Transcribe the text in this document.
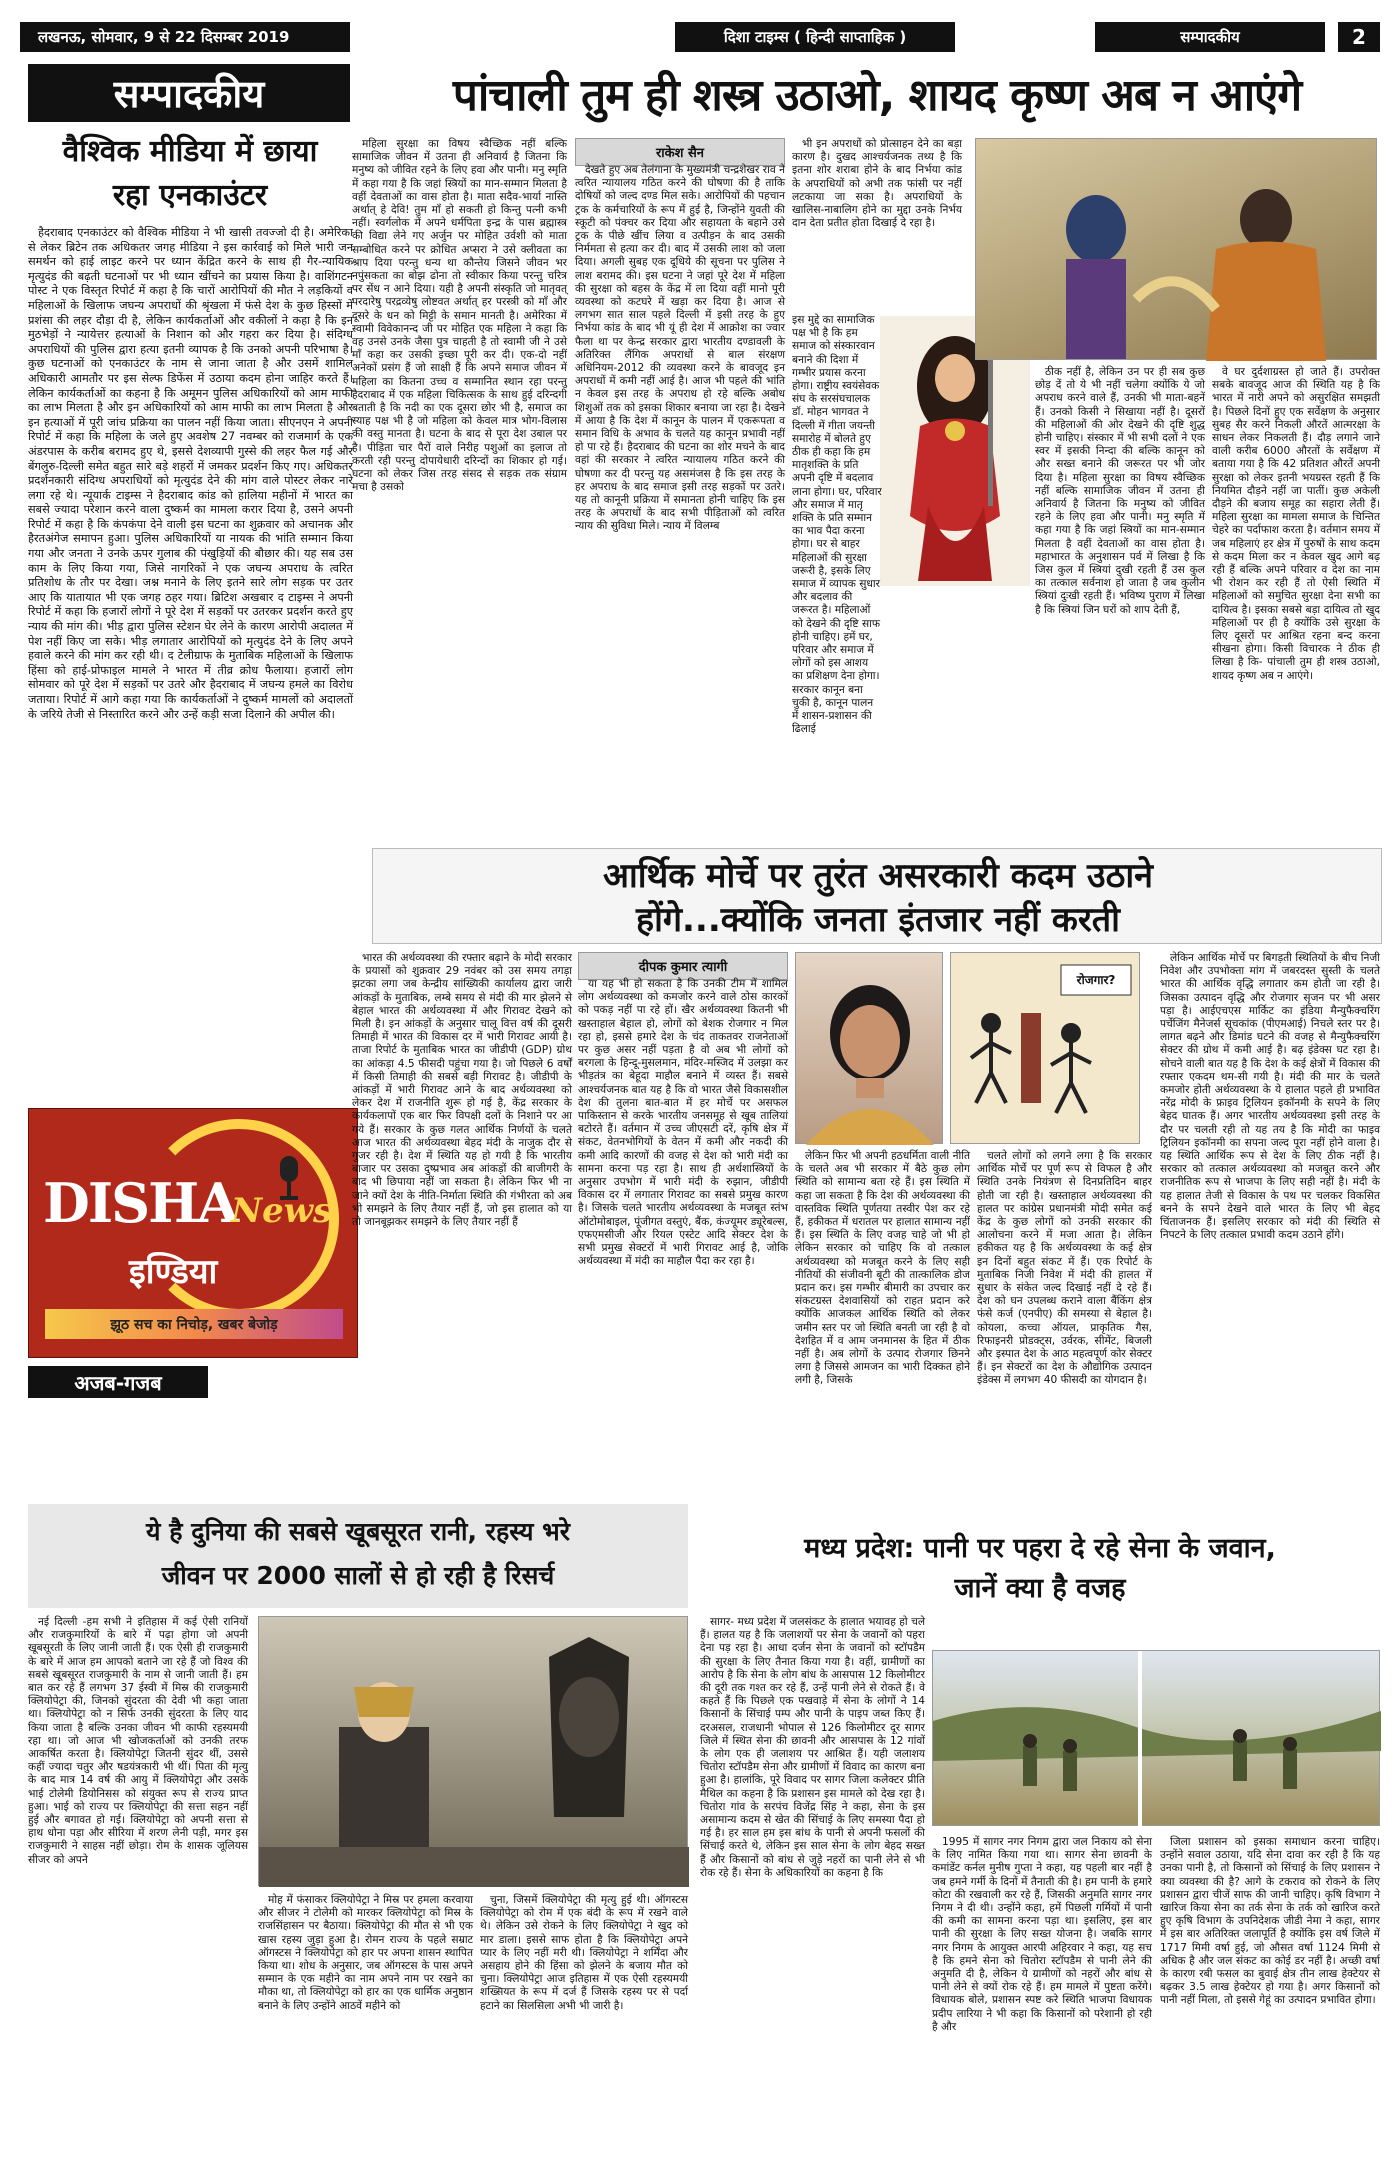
लखनऊ, सोमवार, 9 से 22 दिसम्बर 2019	दिशा टाइम्स ( हिन्दी साप्ताहिक )	सम्पादकीय	2
सम्पादकीय
वैश्विक मीडिया में छाया रहा एनकाउंटर

हैदराबाद एनकाउंटर को वैश्विक मीडिया ने भी खासी तवज्जो दी है। अमेरिका से लेकर ब्रिटेन तक अधिकतर जगह मीडिया ने इस कार्रवाई को मिले भारी जन समर्थन को हाई लाइट करने पर ध्यान केंद्रित करने के साथ ही गैर-न्यायिक मृत्युदंड की बढ़ती घटनाओं पर भी ध्यान खींचने का प्रयास किया है। वाशिंगटन पोस्ट ने एक विस्तृत रिपोर्ट में कहा है कि चारों आरोपियों की मौत ने लड़कियों व महिलाओं के खिलाफ जघन्य अपराधों की श्रृंखला में फंसे देश के कुछ हिस्सों में प्रशंसा की लहर दौड़ा दी है, लेकिन कार्यकर्ताओं और वकीलों ने कहा है कि इन मुठभेड़ों ने न्यायेत्तर हत्याओं के निशान को और गहरा कर दिया है। संदिग्ध अपराधियों की पुलिस द्वारा हत्या इतनी व्यापक है कि उनको अपनी परिभाषा है। कुछ घटनाओं को एनकाउंटर के नाम से जाना जाता है और उसमें शामिल अधिकारी आमतौर पर इस सेल्फ डिफेंस में उठाया कदम होना जाहिर करते हैं। लेकिन कार्यकर्ताओं का कहना है कि अमूमन पुलिस अधिकारियों को आम माफी का लाभ मिलता है और इन अधिकारियों को आम माफी का लाभ मिलता है और इन हत्याओं में पूरी जांच प्रक्रिया का पालन नहीं किया जाता। सीएनएन ने अपनी रिपोर्ट में कहा कि महिला के जले हुए अवशेष 27 नवम्बर को राजमार्ग के एक अंडरपास के करीब बरामद हुए थे, इससे देशव्यापी गुस्से की लहर फैल गई और बेंगलुरु-दिल्ली समेत बहुत सारे बड़े शहरों में जमकर प्रदर्शन किए गए। अधिकतर प्रदर्शनकारी संदिग्ध अपराधियों को मृत्युदंड देने की मांग वाले पोस्टर लेकर नारे लगा रहे थे। न्यूयार्क टाइम्स ने हैदराबाद कांड को हालिया महीनों में भारत का सबसे ज्यादा परेशान करने वाला दुष्कर्म का मामला करार दिया है, उसने अपनी रिपोर्ट में कहा है कि कंपकंपा देने वाली इस घटना का शुक्रवार को अचानक और हैरतअंगेज समापन हुआ। पुलिस अधिकारियों या नायक की भांति सम्मान किया गया और जनता ने उनके ऊपर गुलाब की पंखुड़ियों की बौछार की। यह सब उस काम के लिए किया गया, जिसे नागरिकों ने एक जघन्य अपराध के त्वरित प्रतिशोध के तौर पर देखा। जश्न मनाने के लिए इतने सारे लोग सड़क पर उतर आए कि यातायात भी एक जगह ठहर गया। ब्रिटिश अखबार द टाइम्स ने अपनी रिपोर्ट में कहा कि हजारों लोगों ने पूरे देश में सड़कों पर उतरकर प्रदर्शन करते हुए न्याय की मांग की। भीड़ द्वारा पुलिस स्टेशन घेर लेने के कारण आरोपी अदालत में पेश नहीं किए जा सके। भीड़ लगातार आरोपियों को मृत्युदंड देने के लिए अपने हवाले करने की मांग कर रही थी। द टेलीग्राफ के मुताबिक महिलाओं के खिलाफ हिंसा को हाई-प्रोफाइल मामले ने भारत में तीव्र क्रोध फैलाया। हजारों लोग सोमवार को पूरे देश में सड़कों पर उतरे और हैदराबाद में जघन्य हमले का विरोध जताया। रिपोर्ट में आगे कहा गया कि कार्यकर्ताओं ने दुष्कर्म मामलों को अदालतों के जरिये तेजी से निस्तारित करने और उन्हें कड़ी सजा दिलाने की अपील की।

DISHA
News
इण्डिया
झूठ सच का निचोड़, खबर बेजोड़
अजब-गजब
पांचाली तुम ही शस्त्र उठाओ, शायद कृष्ण अब न आएंगे

महिला सुरक्षा का विषय स्वैच्छिक नहीं बल्कि सामाजिक जीवन में उतना ही अनिवार्य है जितना कि मनुष्य को जीवित रहने के लिए हवा और पानी। मनु स्मृति में कहा गया है कि जहां स्त्रियों का मान-सम्मान मिलता है वहीं देवताओं का वास होता है। माता सदैव-भार्या नास्ति अर्थात् हे देवि! तुम माँ हो सकती हो किन्तु पत्नी कभी नहीं। स्वर्गलोक में अपने धर्मपिता इन्द्र के पास ब्रह्मास्त्र की विद्या लेने गए अर्जुन पर मोहित उर्वशी को माता सम्बोधित करने पर क्रोधित अप्सरा ने उसे क्लीवता का श्राप दिया परन्तु धन्य था कौन्तेय जिसने जीवन भर नपुंसकता का बोझ ढोना तो स्वीकार किया परन्तु चरित्र पर सेंध न आने दिया। यही है अपनी संस्कृति जो मातृवत् परदारेषु परद्रव्येषु लोष्टवत अर्थात् हर परस्त्री को माँ और दूसरे के धन को मिट्टी के समान मानती है। अमेरिका में स्वामी विवेकानन्द जी पर मोहित एक महिला ने कहा कि वह उनसे उनके जैसा पुत्र चाहती है तो स्वामी जी ने उसे माँ कहा कर उसकी इच्छा पूरी कर दी। एक-दो नहीं अनेकों प्रसंग हैं जो साक्षी हैं कि अपने समाज जीवन में महिला का कितना उच्च व सम्मानित स्थान रहा परन्तु हैदराबाद में एक महिला चिकित्सक के साथ हुई दरिन्दगी बताती है कि नदी का एक दूसरा छोर भी है, समाज का स्याह पक्ष भी है जो महिला को केवल मात्र भोग-विलास की वस्तु मानता है। घटना के बाद से पूरा देश उबाल पर है। पीड़िता चार पैरों वाले निरीह पशुओं का इलाज तो करती रही परन्तु दोपायेधारी दरिन्दों का शिकार हो गई। घटना को लेकर जिस तरह संसद से सड़क तक संग्राम मचा है उसको

राकेश सैन

देखते हुए अब तेलंगाना के मुख्यमंत्री चन्द्रशेखर राव ने त्वरित न्यायालय गठित करने की घोषणा की है ताकि दोषियों को जल्द दण्ड मिल सके। आरोपियों की पहचान ट्रक के कर्मचारियों के रूप में हुई है, जिन्होंने युवती की स्कूटी को पंक्चर कर दिया और सहायता के बहाने उसे ट्रक के पीछे खींच लिया व उत्पीड़न के बाद उसकी निर्ममता से हत्या कर दी। बाद में उसकी लाश को जला दिया। अगली सुबह एक दूधिये की सूचना पर पुलिस ने लाश बरामद की। इस घटना ने जहां पूरे देश में महिला की सुरक्षा को बहस के केंद्र में ला दिया वहीं मानो पूरी व्यवस्था को कटघरे में खड़ा कर दिया है। आज से लगभग सात साल पहले दिल्ली में इसी तरह के हुए निर्भया कांड के बाद भी यूं ही देश में आक्रोश का ज्वार फैला था पर केन्द्र सरकार द्वारा भारतीय दण्डावली के अतिरिक्त लैंगिक अपराधों से बाल संरक्षण अधिनियम-2012 की व्यवस्था करने के बावजूद इन अपराधों में कमी नहीं आई है। आज भी पहले की भांति न केवल इस तरह के अपराध हो रहे बल्कि अबोध शिशुओं तक को इसका शिकार बनाया जा रहा है। देखने में आया है कि देश में कानून के पालन में एकरूपता व समान विधि के अभाव के चलते यह कानून प्रभावी नहीं हो पा रहे हैं। हैदराबाद की घटना का शोर मचने के बाद वहां की सरकार ने त्वरित न्यायालय गठित करने की घोषणा कर दी परन्तु यह असमंजस है कि इस तरह के हर अपराध के बाद समाज इसी तरह सड़कों पर उतरे। यह तो कानूनी प्रक्रिया में समानता होनी चाहिए कि इस तरह के अपराधों के बाद सभी पीड़िताओं को त्वरित न्याय की सुविधा मिले। न्याय में विलम्ब

भी इन अपराधों को प्रोत्साहन देने का बड़ा कारण है। दुखद आश्चर्यजनक तथ्य है कि इतना शोर शराबा होने के बाद निर्भया कांड के अपराधियों को अभी तक फांसी पर नहीं लटकाया जा सका है। अपराधियों के खालिस-नाबालिग होने का मुद्दा उनके निर्भय दान देता प्रतीत होता दिखाई दे रहा है।

इस मुद्दे का सामाजिक पक्ष भी है कि हम समाज को संस्कारवान बनाने की दिशा में गम्भीर प्रयास करना होगा। राष्ट्रीय स्वयंसेवक संघ के सरसंघचालक डॉ. मोहन भागवत ने दिल्ली में गीता जयन्ती समारोह में बोलते हुए ठीक ही कहा कि हम मातृशक्ति के प्रति अपनी दृष्टि में बदलाव लाना होगा। घर, परिवार और समाज में मातृ शक्ति के प्रति सम्मान का भाव पैदा करना होगा। घर से बाहर महिलाओं की सुरक्षा जरूरी है, इसके लिए समाज में व्यापक सुधार और बदलाव की जरूरत है। महिलाओं को देखने की दृष्टि साफ होनी चाहिए। हमें घर, परिवार और समाज में लोगों को इस आशय का प्रशिक्षण देना होगा। सरकार कानून बना चुकी है, कानून पालन में शासन-प्रशासन की ढिलाई

ठीक नहीं है, लेकिन उन पर ही सब कुछ छोड़ दें तो ये भी नहीं चलेगा क्योंकि ये जो अपराध करने वाले हैं, उनकी भी माता-बहनें हैं। उनको किसी ने सिखाया नहीं है। दूसरों की महिलाओं की ओर देखने की दृष्टि शुद्ध होनी चाहिए। संस्कार में भी सभी दलों ने एक स्वर में इसकी निन्दा की बल्कि कानून को और सख्त बनाने की जरूरत पर भी जोर दिया है। महिला सुरक्षा का विषय स्वैच्छिक नहीं बल्कि सामाजिक जीवन में उतना ही अनिवार्य है जितना कि मनुष्य को जीवित रहने के लिए हवा और पानी। मनु स्मृति में कहा गया है कि जहां स्त्रियों का मान-सम्मान मिलता है वहीं देवताओं का वास होता है। महाभारत के अनुशासन पर्व में लिखा है कि जिस कुल में स्त्रियां दुखी रहती हैं उस कुल का तत्काल सर्वनाश हो जाता है जब कुलीन स्त्रियां दुःखी रहती हैं। भविष्य पुराण में लिखा है कि स्त्रियां जिन घरों को शाप देती हैं,

वे घर दुर्दशाग्रस्त हो जाते हैं। उपरोक्त सबके बावजूद आज की स्थिति यह है कि भारत में नारी अपने को असुरक्षित समझती है। पिछले दिनों हुए एक सर्वेक्षण के अनुसार सुबह सैर करने निकली औरतें आत्मरक्षा के साधन लेकर निकलती हैं। दौड़ लगाने जाने वाली करीब 6000 औरतों के सर्वेक्षण में बताया गया है कि 42 प्रतिशत औरतें अपनी सुरक्षा को लेकर इतनी भयग्रस्त रहती हैं कि नियमित दौड़ने नहीं जा पातीं। कुछ अकेली दौड़ने की बजाय समूह का सहारा लेती हैं। महिला सुरक्षा का मामला समाज के चिन्तित चेहरे का पर्दाफाश करता है। वर्तमान समय में जब महिलाएं हर क्षेत्र में पुरुषों के साथ कदम से कदम मिला कर न केवल खुद आगे बढ़ रही हैं बल्कि अपने परिवार व देश का नाम भी रोशन कर रही हैं तो ऐसी स्थिति में महिलाओं को समुचित सुरक्षा देना सभी का दायित्व है। इसका सबसे बड़ा दायित्व तो खुद महिलाओं पर ही है क्योंकि उसे सुरक्षा के लिए दूसरों पर आश्रित रहना बन्द करना सीखना होगा। किसी विचारक ने ठीक ही लिखा है कि- पांचाली तुम ही शस्त्र उठाओ, शायद कृष्ण अब न आएंगे।

आर्थिक मोर्चे पर तुरंत असरकारी कदम उठाने
होंगे...क्योंकि जनता इंतजार नहीं करती

भारत की अर्थव्यवस्था की रफ्तार बढ़ाने के मोदी सरकार के प्रयासों को शुक्रवार 29 नवंबर को उस समय तगड़ा झटका लगा जब केन्द्रीय सांख्यिकी कार्यालय द्वारा जारी आंकड़ों के मुताबिक, लम्बे समय से मंदी की मार झेलने से बेहाल भारत की अर्थव्यवस्था में और गिरावट देखने को मिली है। इन आंकड़ों के अनुसार चालू वित्त वर्ष की दूसरी तिमाही में भारत की विकास दर में भारी गिरावट आयी है। ताजा रिपोर्ट के मुताबिक भारत का जीडीपी (GDP) ग्रोथ का आंकड़ा 4.5 फीसदी पहुंचा गया है। जो पिछले 6 वर्षों में किसी तिमाही की सबसे बड़ी गिरावट है। जीडीपी के आंकड़ों में भारी गिरावट आने के बाद अर्थव्यवस्था को लेकर देश में राजनीति शुरू हो गई है, केंद्र सरकार के कार्यकलापों एक बार फिर विपक्षी दलों के निशाने पर आ गये हैं। सरकार के कुछ गलत आर्थिक निर्णयों के चलते आज भारत की अर्थव्यवस्था बेहद मंदी के नाजुक दौर से गुजर रही है। देश में स्थिति यह हो गयी है कि भारतीय बाजार पर उसका दुष्प्रभाव अब आंकड़ों की बाजीगरी के बाद भी छिपाया नहीं जा सकता है। लेकिन फिर भी ना जाने क्यों देश के नीति-निर्माता स्थिति की गंभीरता को अब भी समझने के लिए तैयार नहीं हैं, जो इस हालात को या तो जानबूझकर समझने के लिए तैयार नहीं हैं

दीपक कुमार त्यागी

या यह भी हो सकता है कि उनकी टीम में शामिल लोग अर्थव्यवस्था को कमजोर करने वाले ठोस कारकों को पकड़ नहीं पा रहे हों। खैर अर्थव्यवस्था कितनी भी खस्ताहाल बेहाल हो, लोगों को बेशक रोजगार न मिल रहा हो, इससे हमारे देश के चंद ताकतवर राजनेताओं पर कुछ असर नहीं पड़ता है वो अब भी लोगों को बरगला के हिन्दू-मुसलमान, मंदिर-मस्जिद में उलझा कर भीड़तंत्र का बेहूदा माहौल बनाने में व्यस्त हैं। सबसे आश्चर्यजनक बात यह है कि वो भारत जैसे विकासशील देश की तुलना बात-बात में हर मोर्चे पर असफल पाकिस्तान से करके भारतीय जनसमूह से खूब तालियां बटोरते हैं। वर्तमान में उच्च जीएसटी दरें, कृषि क्षेत्र में संकट, वेतनभोगियों के वेतन में कमी और नकदी की कमी आदि कारणों की वजह से देश को भारी मंदी का सामना करना पड़ रहा है। साथ ही अर्थशास्त्रियों के अनुसार उपभोग में भारी मंदी के रुझान, जीडीपी विकास दर में लगातार गिरावट का सबसे प्रमुख कारण है। जिसके चलते भारतीय अर्थव्यवस्था के मजबूत स्तंभ ऑटोमोबाइल, पूंजीगत वस्तुएं, बैंक, कंज्यूमर ड्यूरेबल्स, एफएमसीजी और रियल एस्टेट आदि सेक्टर देश के सभी प्रमुख सेक्टरों में भारी गिरावट आई है, जोकि अर्थव्यवस्था में मंदी का माहौल पैदा कर रहा है।

रोजगार?

लेकिन फिर भी अपनी हठधर्मिता वाली नीति के चलते अब भी सरकार में बैठे कुछ लोग स्थिति को सामान्य बता रहे हैं। इस स्थिति में कहा जा सकता है कि देश की अर्थव्यवस्था की वास्तविक स्थिति पूर्णतया तस्वीर पेश कर रहे हैं, हकीकत में धरातल पर हालात सामान्य नहीं हैं। इस स्थिति के लिए वजह चाहे जो भी हो लेकिन सरकार को चाहिए कि वो तत्काल अर्थव्यवस्था को मजबूत करने के लिए सही नीतियों की संजीवनी बूटी की तात्कालिक डोज प्रदान कर। इस गम्भीर बीमारी का उपचार कर संकटग्रस्त देशवासियों को राहत प्रदान करे क्योंकि आजकल आर्थिक स्थिति को लेकर जमीन स्तर पर जो स्थिति बनती जा रही है वो देशहित में व आम जनमानस के हित में ठीक नहीं है। अब लोगों के उत्पाद रोजगार छिनने लगा है जिससे आमजन का भारी दिक्कत होने लगी है, जिसके

चलते लोगों को लगने लगा है कि सरकार आर्थिक मोर्चे पर पूर्ण रूप से विफल है और स्थिति उनके नियंत्रण से दिनप्रतिदिन बाहर होती जा रही है। खस्ताहाल अर्थव्यवस्था की हालत पर कांग्रेस प्रधानमंत्री मोदी समेत कई केंद्र के कुछ लोगों को उनकी सरकार की आलोचना करने में मजा आता है। लेकिन हकीकत यह है कि अर्थव्यवस्था के कई क्षेत्र इन दिनों बहुत संकट में हैं। एक रिपोर्ट के मुताबिक निजी निवेश में मंदी की हालत में सुधार के संकेत जल्द दिखाई नहीं दे रहे हैं। देश को घन उपलब्ध कराने वाला बैंकिंग क्षेत्र फंसे कर्ज (एनपीए) की समस्या से बेहाल है। कोयला, कच्चा ऑयल, प्राकृतिक गैस, रिफाइनरी प्रोडक्ट्स, उर्वरक, सीमेंट, बिजली और इस्पात देश के आठ महत्वपूर्ण कोर सेक्टर हैं। इन सेक्टरों का देश के औद्योगिक उत्पादन इंडेक्स में लगभग 40 फीसदी का योगदान है।

लेकिन आर्थिक मोर्चे पर बिगड़ती स्थितियों के बीच निजी निवेश और उपभोक्ता मांग में जबरदस्त सुस्ती के चलते भारत की आर्थिक वृद्धि लगातार कम होती जा रही है। जिसका उत्पादन वृद्धि और रोजगार सृजन पर भी असर पड़ा है। आईएचएस मार्किट का इंडिया मैन्युफैक्चरिंग पर्चेजिंग मैनेजर्स सूचकांक (पीएमआई) निचले स्तर पर है। लागत बढ़ने और डिमांड घटने की वजह से मैन्युफैक्चरिंग सेक्टर की ग्रोथ में कमी आई है। बढ़ इंडेक्स घट रहा है। सोचने वाली बात यह है कि देश के कई क्षेत्रों में विकास की रफ्तार एकदम थम-सी गयी है। मंदी की मार के चलते कमजोर होती अर्थव्यवस्था के ये हालात पहले ही प्रभावित नरेंद्र मोदी के फ्राइव ट्रिलियन इकॉनमी के सपने के लिए बेहद घातक हैं। अगर भारतीय अर्थव्यवस्था इसी तरह के दौर पर चलती रही तो यह तय है कि मोदी का फाइव ट्रिलियन इकॉनमी का सपना जल्द पूरा नहीं होने वाला है। यह स्थिति आर्थिक रूप से देश के लिए ठीक नहीं है। सरकार को तत्काल अर्थव्यवस्था को मजबूत करने और राजनीतिक रूप से भाजपा के लिए सही नहीं है। मंदी के यह हालात तेजी से विकास के पथ पर चलकर विकसित बनने के सपने देखने वाले भारत के लिए भी बेहद चिंताजनक हैं। इसलिए सरकार को मंदी की स्थिति से निपटने के लिए तत्काल प्रभावी कदम उठाने होंगे।

ये है दुनिया की सबसे खूबसूरत रानी, रहस्य भरे
जीवन पर 2000 सालों से हो रही है रिसर्च

नई दिल्ली -हम सभी ने इतिहास में कई ऐसी रानियों और राजकुमारियों के बारे में पढ़ा होगा जो अपनी खूबसूरती के लिए जानी जाती हैं। एक ऐसी ही राजकुमारी के बारे में आज हम आपको बताने जा रहे हैं जो विश्व की सबसे खूबसूरत राजकुमारी के नाम से जानी जाती हैं। हम बात कर रहे हैं लगभग 37 ईस्वी में मिस्र की राजकुमारी क्लियोपेट्रा की, जिनको सुंदरता की देवी भी कहा जाता था। क्लियोपेट्रा को न सिर्फ उनकी सुंदरता के लिए याद किया जाता है बल्कि उनका जीवन भी काफी रहस्यमयी रहा था। जो आज भी खोजकर्ताओं को उनकी तरफ आकर्षित करता है। क्लियोपेट्रा जितनी सुंदर थीं, उससे कहीं ज्यादा चतुर और षडयंत्रकारी भी थीं। पिता की मृत्यु के बाद मात्र 14 वर्ष की आयु में क्लियोपेट्रा और उसके भाई टोलेमी डियोनिसस को संयुक्त रूप से राज्य प्राप्त हुआ। भाई को राज्य पर क्लियोपेट्रा की सत्ता सहन नहीं हुई और बगावत हो गई। क्लियोपेट्रा को अपनी सत्ता से हाथ धोना पड़ा और सीरिया में शरण लेनी पड़ी, मगर इस राजकुमारी ने साहस नहीं छोड़ा। रोम के शासक जूलियस सीजर को अपने

मोह में फंसाकर क्लियोपेट्रा ने मिस्र पर हमला करवाया और सीजर ने टोलेमी को मारकर क्लियोपेट्रा को मिस्र के राजसिंहासन पर बैठाया। क्लियोपेट्रा की मौत से भी एक खास रहस्य जुड़ा हुआ है। रोमन राज्य के पहले सम्राट ऑगस्टस ने क्लियोपेट्रा को हार पर अपना शासन स्थापित किया था। शोध के अनुसार, जब ऑगस्टस के पास अपने सम्मान के एक महीने का नाम अपने नाम पर रखने का मौका था, तो क्लियोपेट्रा को हार का एक धार्मिक अनुष्ठान बनाने के लिए उन्होंने आठवें महीने को

चुना, जिसमें क्लियोपेट्रा की मृत्यु हुई थी। ऑगस्टस क्लियोपेट्रा को रोम में एक बंदी के रूप में रखने वाले थे। लेकिन उसे रोकने के लिए क्लियोपेट्रा ने खुद को मार डाला। इससे साफ होता है कि क्लियोपेट्रा अपने प्यार के लिए नहीं मरी थी। क्लियोपेट्रा ने शर्मिंदा और असहाय होने की हिंसा को झेलने के बजाय मौत को चुना। क्लियोपेट्रा आज इतिहास में एक ऐसी रहस्यमयी शख्सियत के रूप में दर्ज हैं जिसके रहस्य पर से पर्दा हटाने का सिलसिला अभी भी जारी है।

मध्य प्रदेश: पानी पर पहरा दे रहे सेना के जवान,
जानें क्या है वजह

सागर- मध्य प्रदेश में जलसंकट के हालात भयावह हो चले हैं। हालत यह है कि जलाशयों पर सेना के जवानों को पहरा देना पड़ रहा है। आधा दर्जन सेना के जवानों को स्टॉपडैम की सुरक्षा के लिए तैनात किया गया है। वहीं, ग्रामीणों का आरोप है कि सेना के लोग बांध के आसपास 12 किलोमीटर की दूरी तक गश्त कर रहे हैं, उन्हें पानी लेने से रोकते हैं। वे कहते हैं कि पिछले एक पखवाड़े में सेना के लोगों ने 14 किसानों के सिंचाई पम्प और पानी के पाइप जब्त किए हैं। दरअसल, राजधानी भोपाल से 126 किलोमीटर दूर सागर जिले में स्थित सेना की छावनी और आसपास के 12 गांवों के लोग एक ही जलाशय पर आश्रित हैं। यही जलाशय चितोरा स्टॉपडैम सेना और ग्रामीणों में विवाद का कारण बना हुआ है। हालांकि, पूरे विवाद पर सागर जिला कलेक्टर प्रीति मैथिल का कहना है कि प्रशासन इस मामले को देख रहा है। चितोरा गांव के सरपंच विजेंद्र सिंह ने कहा, सेना के इस असामान्य कदम से खेत की सिंचाई के लिए समस्या पैदा हो गई है। हर साल हम इस बांध के पानी से अपनी फसलों की सिंचाई करते थे, लेकिन इस साल सेना के लोग बेहद सख्त हैं और किसानों को बांध से जुड़े नहरों का पानी लेने से भी रोक रहे हैं। सेना के अधिकारियों का कहना है कि

1995 में सागर नगर निगम द्वारा जल निकाय को सेना के लिए नामित किया गया था। सागर सेना छावनी के कमांडेंट कर्नल मुनीष गुप्ता ने कहा, यह पहली बार नहीं है जब हमने गर्मी के दिनों में तैनाती की है। हम पानी के हमारे कोटा की रखवाली कर रहे हैं, जिसकी अनुमति सागर नगर निगम ने दी थी। उन्होंने कहा, हमें पिछली गर्मियों में पानी की कमी का सामना करना पड़ा था। इसलिए, इस बार पानी की सुरक्षा के लिए सख्त योजना है। जबकि सागर नगर निगम के आयुक्त आरपी अहिरवार ने कहा, यह सच है कि हमने सेना को चितोरा स्टॉपडैम से पानी लेने की अनुमति दी है, लेकिन ये ग्रामीणों को नहरों और बांध से पानी लेने से क्यों रोक रहे हैं। हम मामले में पुष्टता करेंगे। विधायक बोले, प्रशासन स्पष्ट करे स्थिति भाजपा विधायक प्रदीप लारिया ने भी कहा कि किसानों को परेशानी हो रही है और

जिला प्रशासन को इसका समाधान करना चाहिए। उन्होंने सवाल उठाया, यदि सेना दावा कर रही है कि यह उनका पानी है, तो किसानों को सिंचाई के लिए प्रशासन ने क्या व्यवस्था की है? आगे के टकराव को रोकने के लिए प्रशासन द्वारा चीजें साफ की जानी चाहिए। कृषि विभाग ने खारिज किया सेना का तर्क सेना के तर्क को खारिज करते हुए कृषि विभाग के उपनिदेशक जीडी नेमा ने कहा, सागर में इस बार अतिरिक्त जलापूर्ति है क्योंकि इस वर्ष जिले में 1717 मिमी वर्षा हुई, जो औसत वर्षा 1124 मिमी से अधिक है और जल संकट का कोई डर नहीं है। अच्छी वर्षा के कारण रबी फसल का बुवाई क्षेत्र तीन लाख हेक्टेयर से बढ़कर 3.5 लाख हेक्टेयर हो गया है। अगर किसानों को पानी नहीं मिला, तो इससे गेहूं का उत्पादन प्रभावित होगा।
